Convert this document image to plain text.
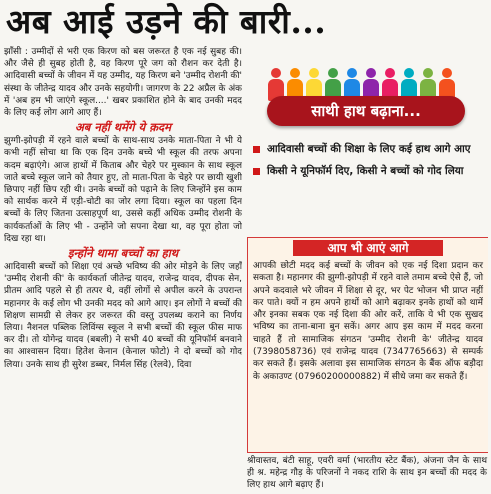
अब आई उड़ने की बारी...

झाँसी : उम्मीदों से भरी एक किरण को बस जरूरत है एक नई सुबह की। और जैसे ही सुबह होती है, वह किरण पूरे जग को रौशन कर देती है। आदिवासी बच्चों के जीवन में यह उम्मीद, यह किरण बने 'उम्मीद रोशनी की' संस्था के जीतेन्द्र यादव और उनके सहयोगी। जागरण के 22 अप्रैल के अंक में 'अब हम भी जाएंगे स्कूल....' खबर प्रकाशित होने के बाद उनकी मदद के लिए कई लोग आगे आए हैं।

अब नहीं थमेंगे ये क़दम

झुग्गी-झोपड़ी में रहने वाले बच्चों के साथ-साथ उनके माता-पिता ने भी ये कभी नहीं सोचा था कि एक दिन उनके बच्चे भी स्कूल की तरफ अपना कदम बढ़ाएंगे। आज हाथों में किताब और चेहरे पर मुस्कान के साथ स्कूल जाते बच्चे स्कूल जाने को तैयार हुए, तो माता-पिता के चेहरे पर छायी खुशी छिपाए नहीं छिप रही थी। उनके बच्चों को पढ़ाने के लिए जिन्होंने इस काम को सार्थक करने में एड़ी-चोटी का जोर लगा दिया। स्कूल का पहला दिन बच्चों के लिए जितना उत्साहपूर्ण था, उससे कहीं अधिक उम्मीद रोशनी के कार्यकर्ताओं के लिए भी - उन्होंने जो सपना देखा था, वह पूरा होता जो दिख रहा था।

इन्होंने थामा बच्चों का हाथ

आदिवासी बच्चों को शिक्षा एवं अच्छे भविष्य की ओर मोड़ने के लिए जहाँ 'उम्मीद रोशनी की' के कार्यकर्ता जीतेन्द्र यादव, राजेन्द्र यादव, दीपक सेन, प्रीतम आदि पहले से ही तत्पर थे, वहीं लोगों से अपील करने के उपरान्त महानगर के कई लोग भी उनकी मदद को आगे आए। इन लोगों ने बच्चों की शिक्षण सामग्री से लेकर हर जरूरत की वस्तु उपलब्ध कराने का निर्णय लिया। नैशनल पब्लिक लिविंग्स स्कूल ने सभी बच्चों की स्कूल फीस माफ कर दी। तो योगेन्द्र यादव (बबली) ने सभी 40 बच्चों की यूनिफॉर्म बनवाने का आश्वासन दिया। हितेश केनान (केनाल फोटो) ने दो बच्चों को गोद लिया। उनके साथ ही सुरेश डब्बर, निर्मल सिंह (रेलवे), दिवा

साथी हाथ बढ़ाना...
आदिवासी बच्चों की शिक्षा के लिए कई हाथ आगे आए
किसी ने यूनिफॉर्म दिए, किसी ने बच्चों को गोद लिया
आप भी आएं आगे

आपकी छोटी मदद कई बच्चों के जीवन को एक नई दिशा प्रदान कर सकता है। महानगर की झुग्गी-झोपड़ी में रहने वाले तमाम बच्चे ऐसे हैं, जो अपने कदवाले भरे जीवन में शिक्षा से दूर, भर पेट भोजन भी प्राप्त नहीं कर पाते। क्यों न हम अपने हाथों को आगे बढ़ाकर इनके हाथों को थामें और इनका सबक एक नई दिशा की ओर करें, ताकि ये भी एक सुखद भविष्य का ताना-बाना बुन सकें। अगर आप इस काम में मदद करना चाहते हैं तो सामाजिक संगठन 'उम्मीद रोशनी के' जीतेन्द्र यादव (7398058736) एवं राजेन्द्र यादव (7347765663) से सम्पर्क कर सकते हैं। इसके अलावा इस सामाजिक संगठन के बैंक ऑफ बड़ौदा के अकाउण्ट (07960200000882) में सीधे जमा कर सकते हैं।

श्रीवास्तव, बंटी साहू, एवरी वर्मा (भारतीय स्टेट बैंक), अंजना जैन के साथ ही श्र. महेन्द्र गौड़ के परिजनों ने नकद राशि के साथ इन बच्चों की मदद के लिए हाथ आगे बढ़ाए हैं।
